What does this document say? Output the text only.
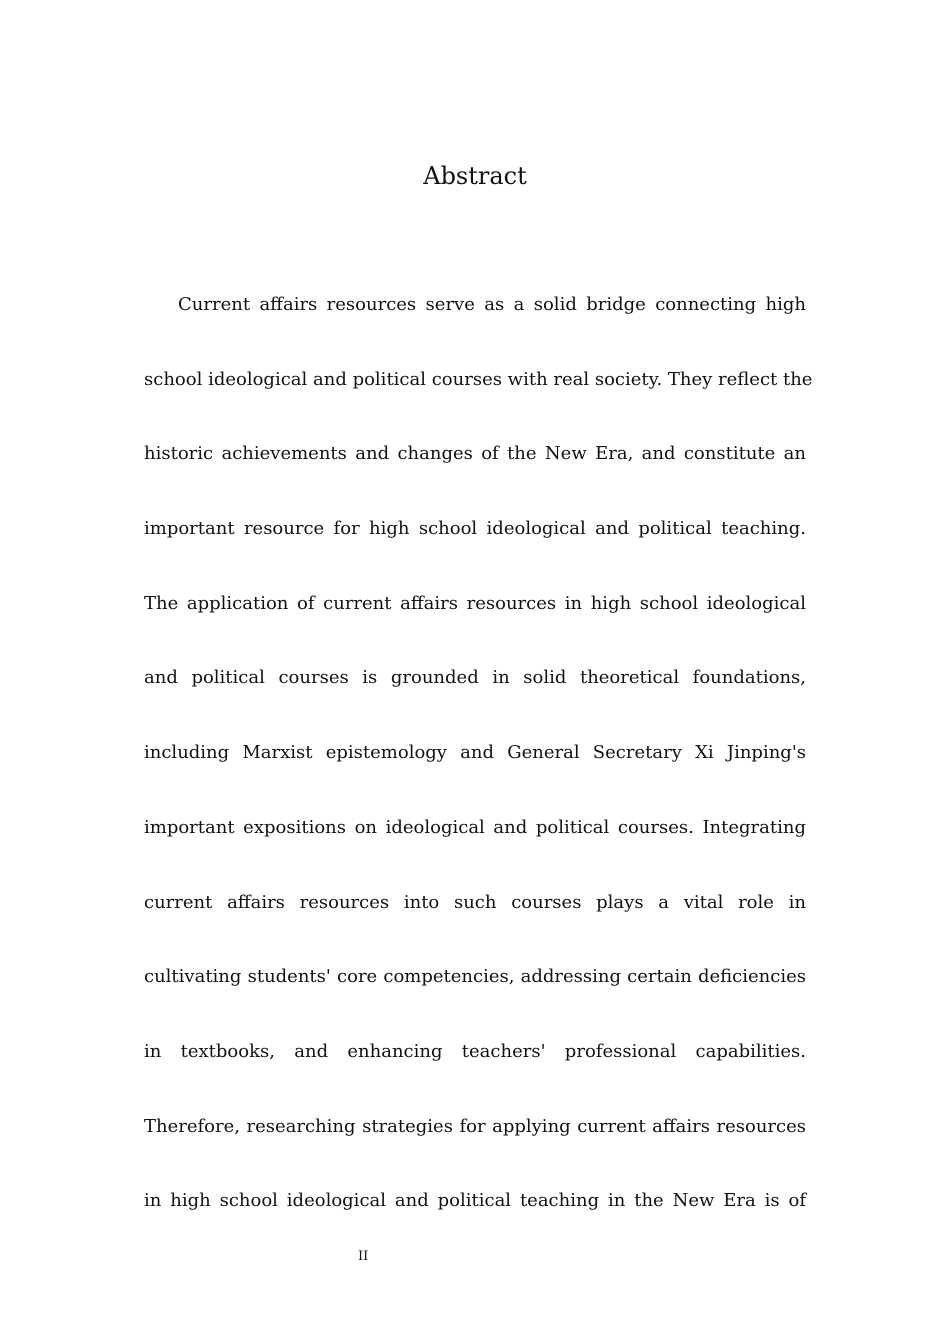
Abstract
Current affairs resources serve as a solid bridge connecting high
school ideological and political courses with real society. They reflect the
historic achievements and changes of the New Era, and constitute an
important resource for high school ideological and political teaching.
The application of current affairs resources in high school ideological
and political courses is grounded in solid theoretical foundations,
including Marxist epistemology and General Secretary Xi Jinping's
important expositions on ideological and political courses. Integrating
current affairs resources into such courses plays a vital role in
cultivating students' core competencies, addressing certain deficiencies
in textbooks, and enhancing teachers' professional capabilities.
Therefore, researching strategies for applying current affairs resources
in high school ideological and political teaching in the New Era is of
II
